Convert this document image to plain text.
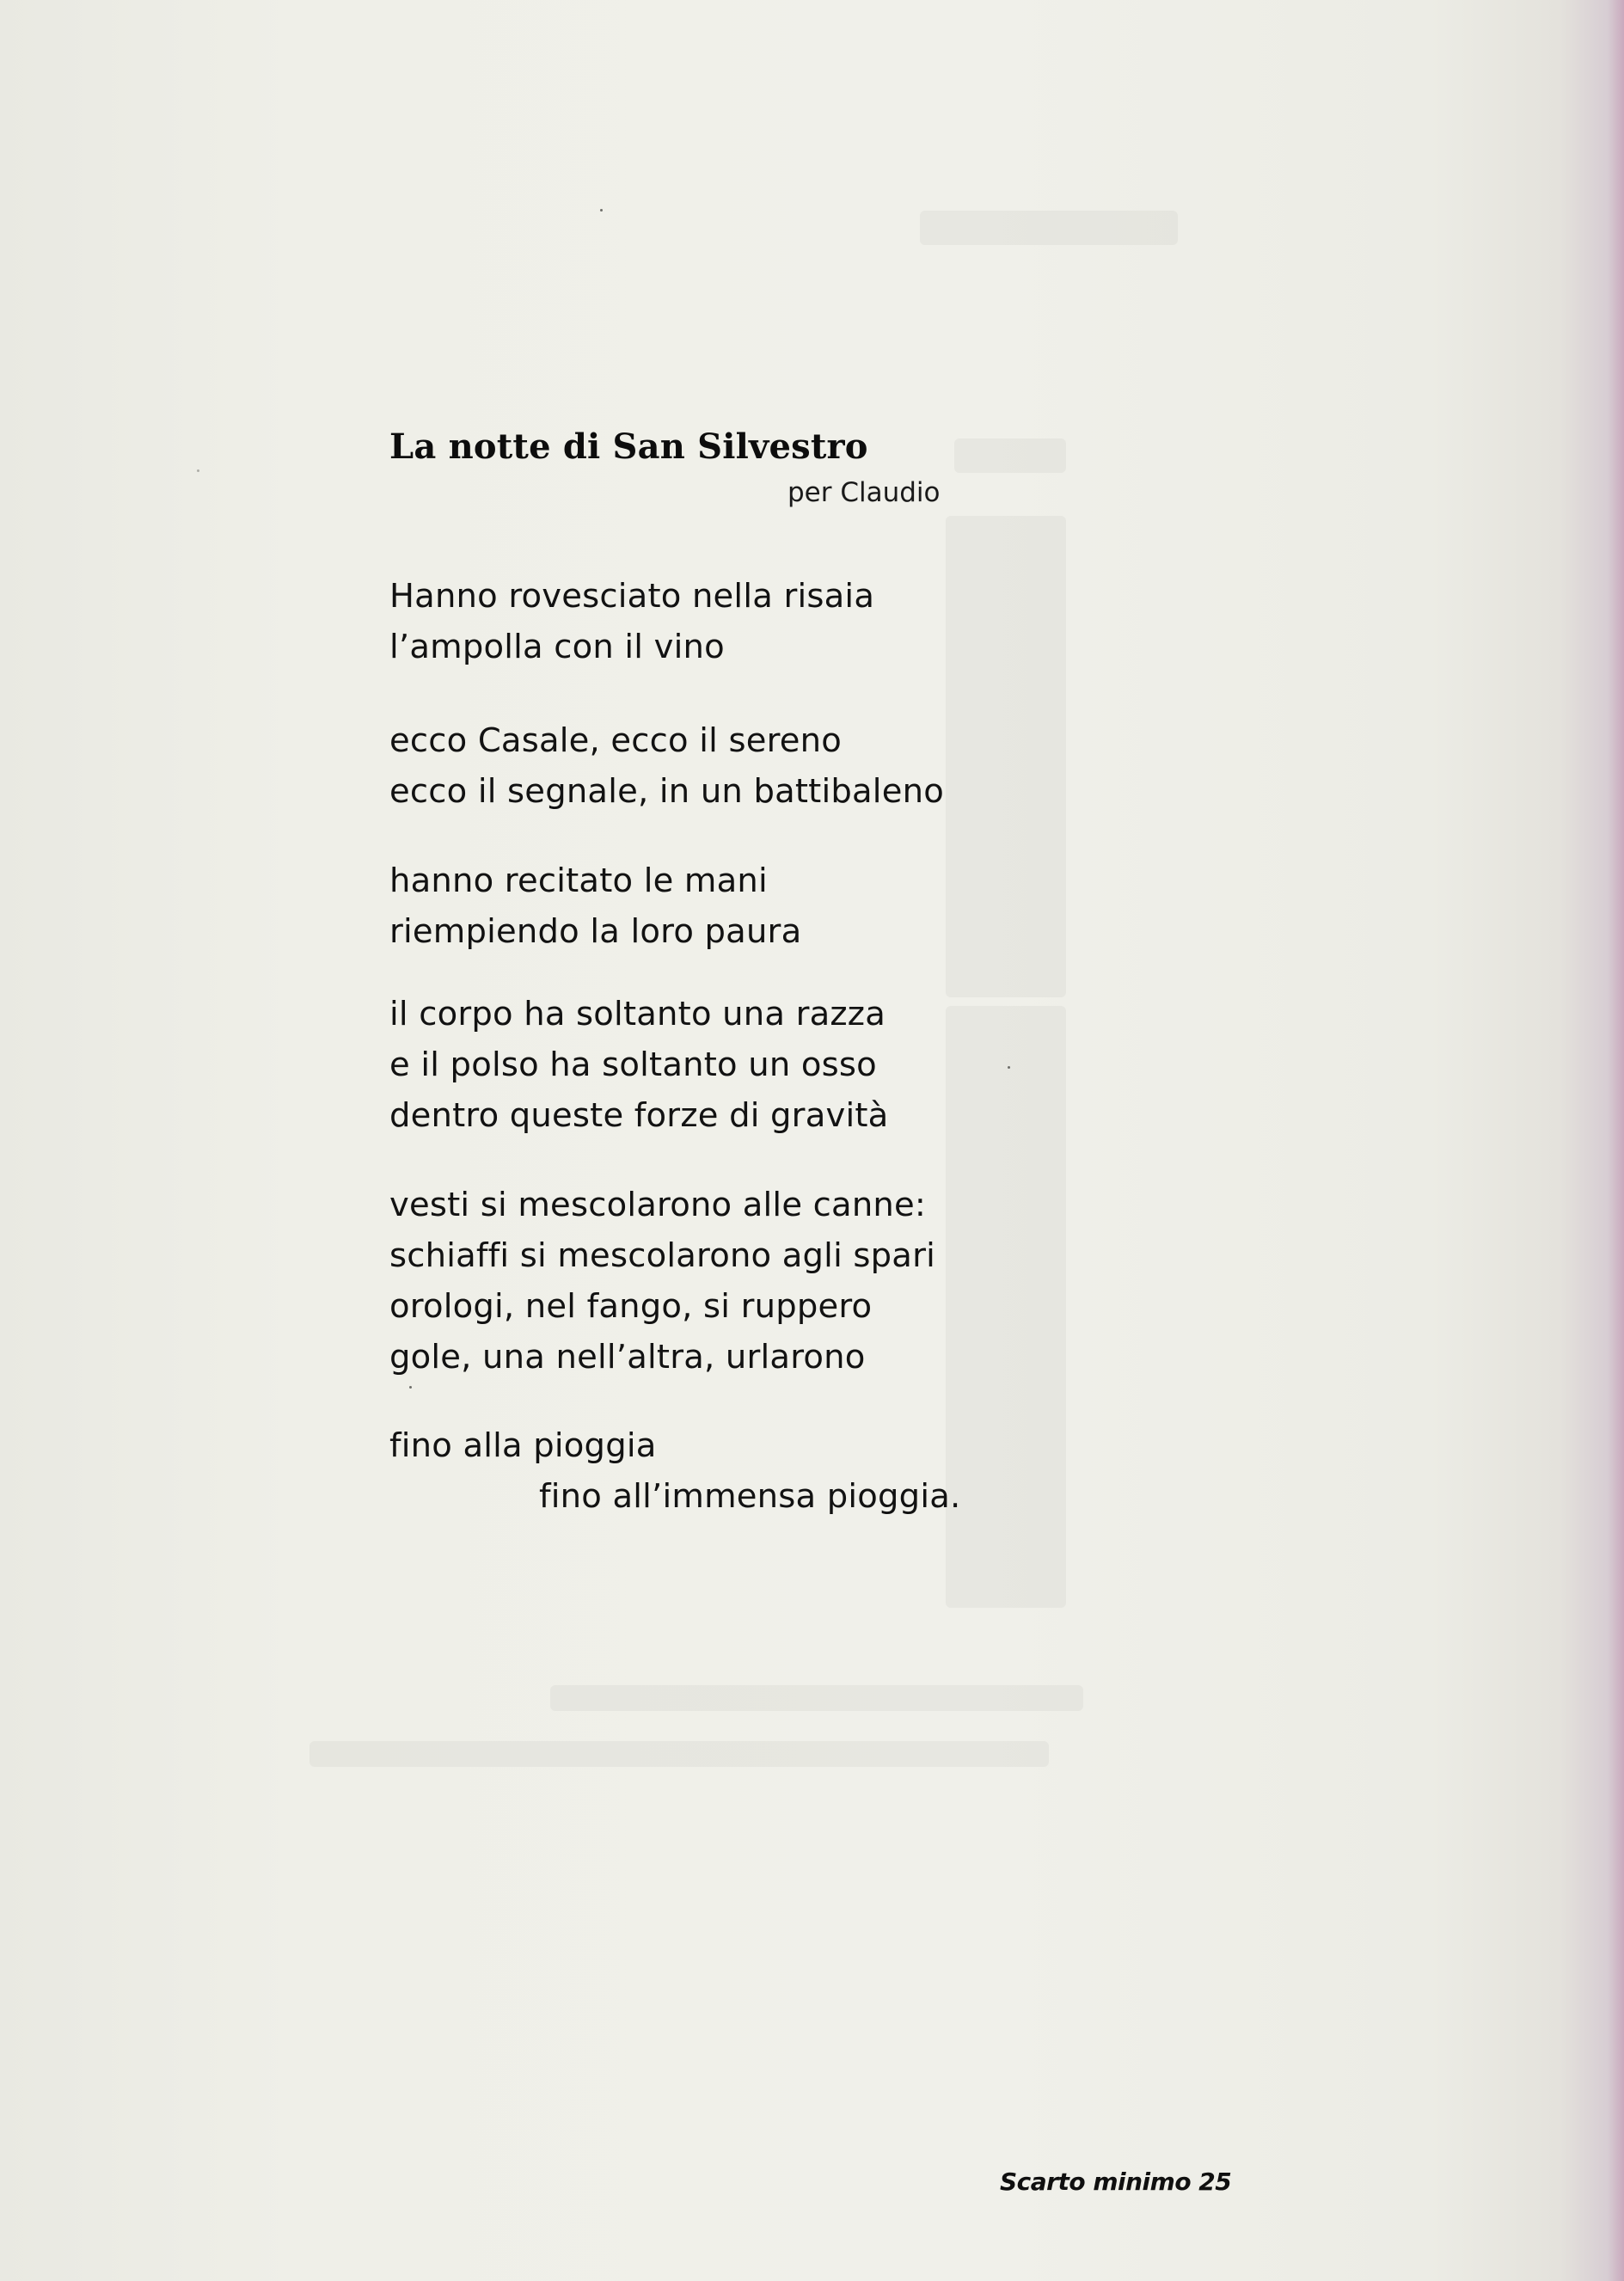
La notte di San Silvestro
per Claudio
Hanno rovesciato nella risaia
l’ampolla con il vino
ecco Casale, ecco il sereno
ecco il segnale, in un battibaleno
hanno recitato le mani
riempiendo la loro paura
il corpo ha soltanto una razza
e il polso ha soltanto un osso
dentro queste forze di gravità
vesti si mescolarono alle canne:
schiaffi si mescolarono agli spari
orologi, nel fango, si ruppero
gole, una nell’altra, urlarono
fino alla pioggia
fino all’immensa pioggia.
Scarto minimo 25
